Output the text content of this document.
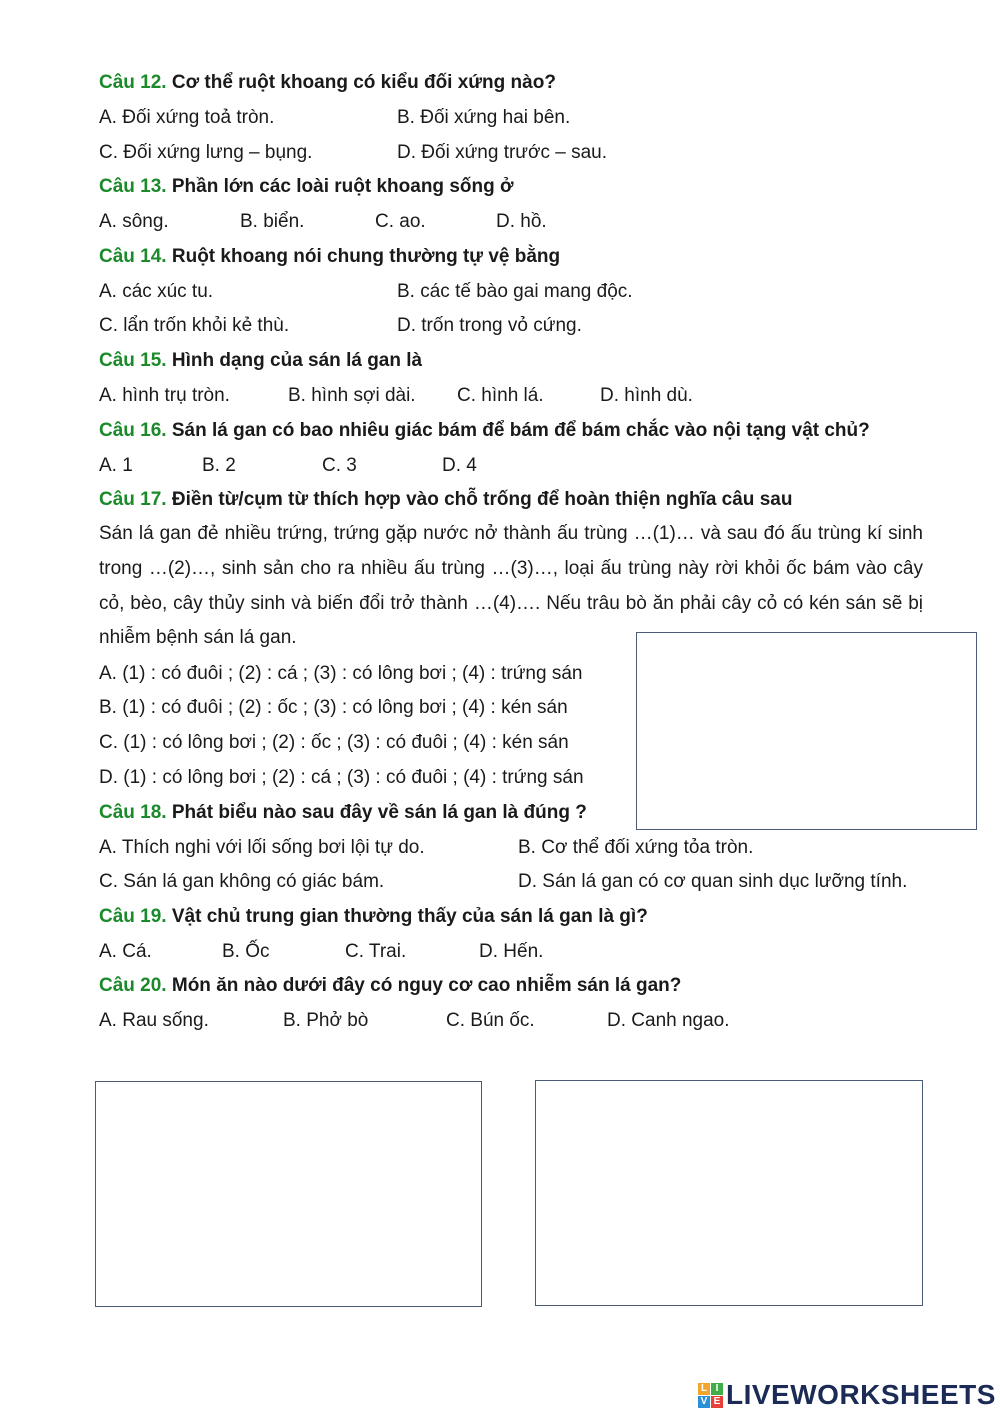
Câu 12. Cơ thể ruột khoang có kiểu đối xứng nào?

A. Đối xứng toả tròn.	B. Đối xứng hai bên.
C. Đối xứng lưng – bụng.	D. Đối xứng trước – sau.

Câu 13. Phần lớn các loài ruột khoang sống ở

A. sông.	B. biển.	C. ao.	D. hồ.

Câu 14. Ruột khoang nói chung thường tự vệ bằng

A. các xúc tu.	B. các tế bào gai mang độc.
C. lẩn trốn khỏi kẻ thù.	D. trốn trong vỏ cứng.

Câu 15. Hình dạng của sán lá gan là

A. hình trụ tròn.	B. hình sợi dài. C. hình lá.	D. hình dù.

Câu 16. Sán lá gan có bao nhiêu giác bám để bám để bám chắc vào nội tạng vật chủ?

A. 1	B. 2	C. 3	D. 4

Câu 17. Điền từ/cụm từ thích hợp vào chỗ trống để hoàn thiện nghĩa câu sau

Sán lá gan đẻ nhiều trứng, trứng gặp nước nở thành ấu trùng …(1)… và sau đó ấu trùng kí sinh trong …(2)…, sinh sản cho ra nhiều ấu trùng …(3)…, loại ấu trùng này rời khỏi ốc bám vào cây cỏ, bèo, cây thủy sinh và biến đổi trở thành …(4)…. Nếu trâu bò ăn phải cây cỏ có kén sán sẽ bị nhiễm bệnh sán lá gan.

A. (1) : có đuôi ; (2) : cá ; (3) : có lông bơi ; (4) : trứng sán
B. (1) : có đuôi ; (2) : ốc ; (3) : có lông bơi ; (4) : kén sán
C. (1) : có lông bơi ; (2) : ốc ; (3) : có đuôi ; (4) : kén sán
D. (1) : có lông bơi ; (2) : cá ; (3) : có đuôi ; (4) : trứng sán

Câu 18. Phát biểu nào sau đây về sán lá gan là đúng ?

A. Thích nghi với lối sống bơi lội tự do.	B. Cơ thể đối xứng tỏa tròn.
C. Sán lá gan không có giác bám.	D. Sán lá gan có cơ quan sinh dục lưỡng tính.

Câu 19. Vật chủ trung gian thường thấy của sán lá gan là gì?

A. Cá.	B. Ốc	C. Trai.	D. Hến.

Câu 20. Món ăn nào dưới đây có nguy cơ cao nhiễm sán lá gan?

A. Rau sống.	B. Phở bò	C. Bún ốc.	D. Canh ngao.
L I
V E LIVEWORKSHEETS
